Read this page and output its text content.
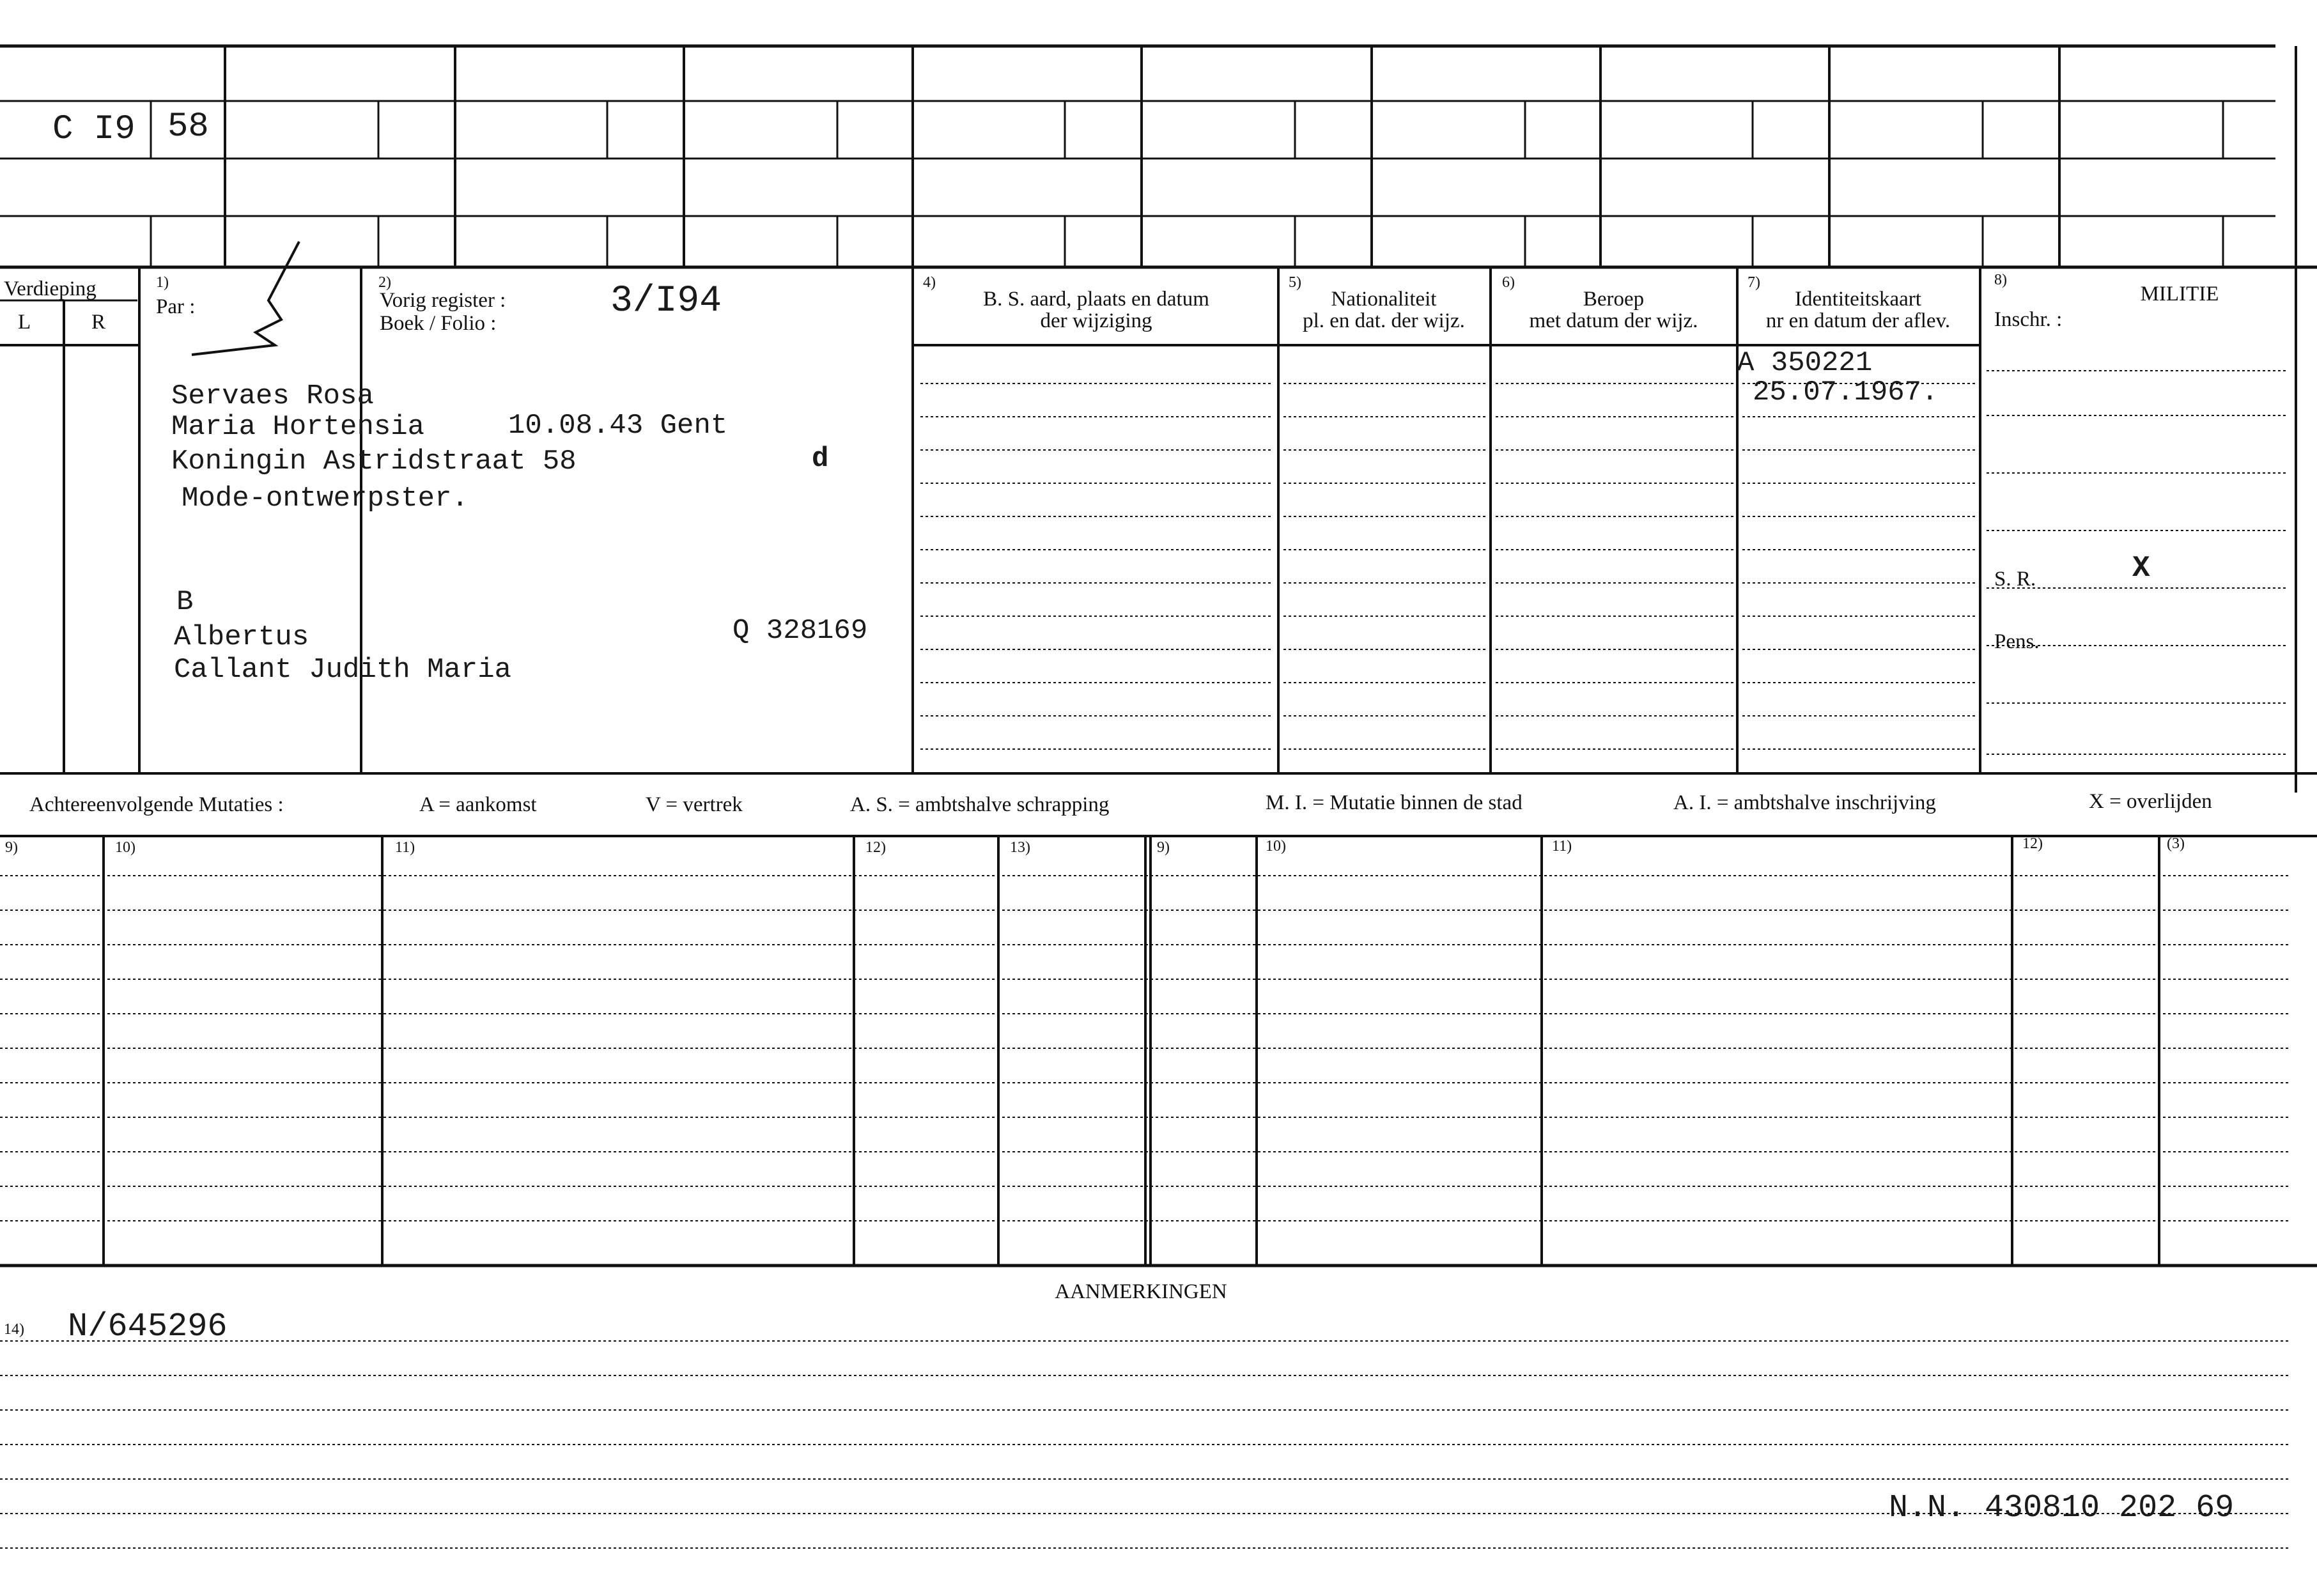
C I9 58
Verdieping
L	R
1)
Par :
2)
Vorig register :
Boek / Folio :
3/I94	4)
B. S. aard, plaats en datum
der wijziging
5)
Nationaliteit
pl. en dat. der wijz.
6)
Beroep
met datum der wijz.
7)
Identiteitskaart
nr en datum der aflev.
8)
MILITIE
Inschr. :
S. R.	X
Pens.
Servaes Rosa
Maria Hortensia	10.08.43 Gent
Koningin Astridstraat 58	d
Mode-ontwerpster.
B
Albertus	Q 328169
Callant Judith Maria
A 350221
25.07.1967.
Achtereenvolgende Mutaties :	A = aankomst	V = vertrek	A. S. = ambtshalve schrapping	M. I. = Mutatie binnen de stad	A. I. = ambtshalve inschrijving	X = overlijden
9)	10)	11)	12)	13)	9)	10)	11)	12)	(3)
AANMERKINGEN
14) N/645296
N.N. 430810 202 69
